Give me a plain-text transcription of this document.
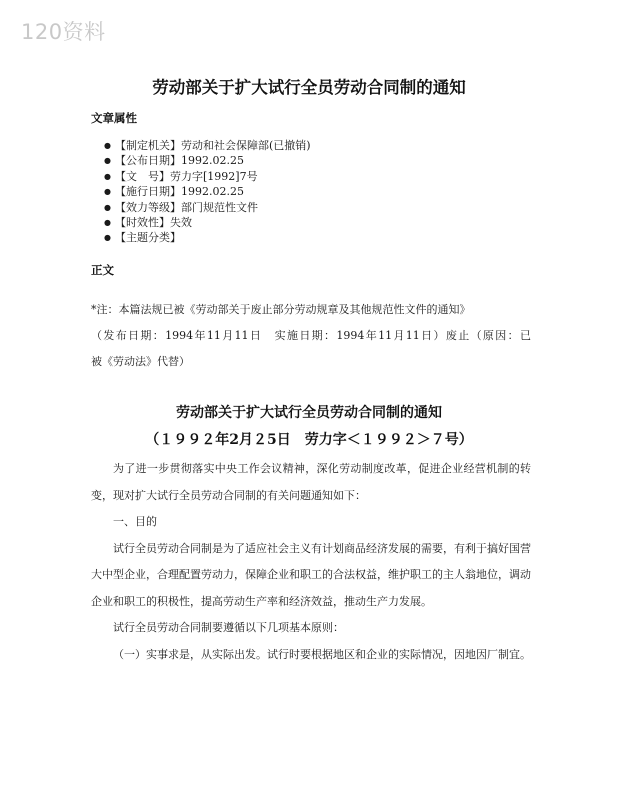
120资料
劳动部关于扩大试行全员劳动合同制的通知
文章属性
● 【制定机关】劳动和社会保障部(已撤销)
● 【公布日期】1992.02.25
● 【文　号】劳力字[1992]7号
● 【施行日期】1992.02.25
● 【效力等级】部门规范性文件
● 【时效性】失效
● 【主题分类】
正文

*注：本篇法规已被《劳动部关于废止部分劳动规章及其他规范性文件的通知》

（发布日期：1994年11月11日　实施日期：1994年11月11日）废止（原因：已

被《劳动法》代替）

劳动部关于扩大试行全员劳动合同制的通知
（１９９２年2月２5日　劳力字＜１９９２＞７号）

为了进一步贯彻落实中央工作会议精神，深化劳动制度改革，促进企业经营机制的转变，现对扩大试行全员劳动合同制的有关问题通知如下：

一、目的

试行全员劳动合同制是为了适应社会主义有计划商品经济发展的需要，有利于搞好国营大中型企业，合理配置劳动力，保障企业和职工的合法权益，维护职工的主人翁地位，调动企业和职工的积极性，提高劳动生产率和经济效益，推动生产力发展。

试行全员劳动合同制要遵循以下几项基本原则：

（一）实事求是，从实际出发。试行时要根据地区和企业的实际情况，因地因厂制宜。
